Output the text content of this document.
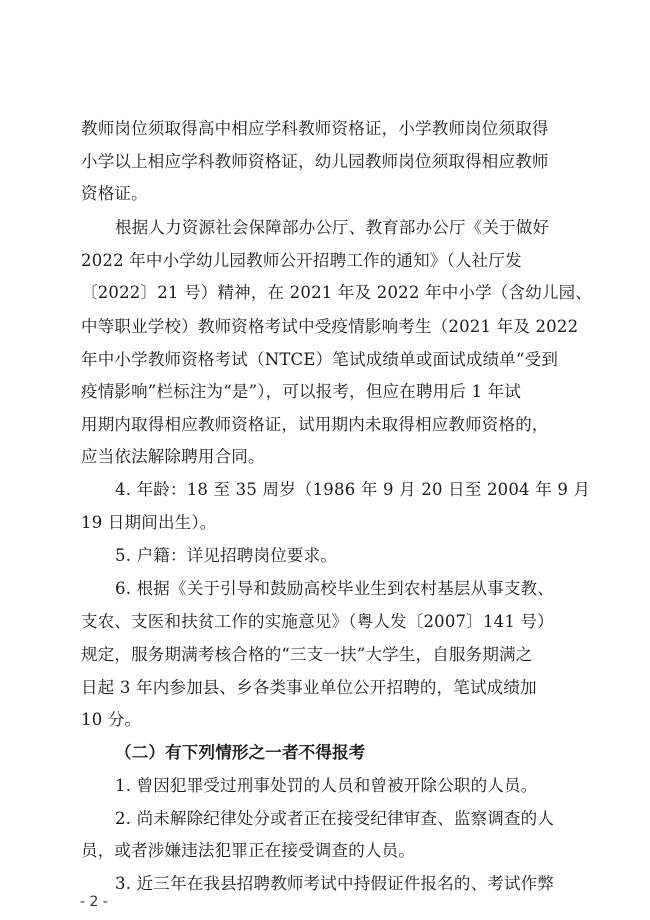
教师岗位须取得高中相应学科教师资格证，小学教师岗位须取得
小学以上相应学科教师资格证，幼儿园教师岗位须取得相应教师
资格证。
根据人力资源社会保障部办公厅、教育部办公厅《关于做好
2022 年中小学幼儿园教师公开招聘工作的通知》（人社厅发
〔2022〕21 号）精神，在 2021 年及 2022 年中小学（含幼儿园、
中等职业学校）教师资格考试中受疫情影响考生（2021 年及 2022
年中小学教师资格考试（NTCE）笔试成绩单或面试成绩单“受到
疫情影响”栏标注为“是”），可以报考，但应在聘用后 1 年试
用期内取得相应教师资格证，试用期内未取得相应教师资格的，
应当依法解除聘用合同。
4. 年龄：18 至 35 周岁（1986 年 9 月 20 日至 2004 年 9 月
19 日期间出生）。
5. 户籍：详见招聘岗位要求。
6. 根据《关于引导和鼓励高校毕业生到农村基层从事支教、
支农、支医和扶贫工作的实施意见》（粤人发〔2007〕141 号）
规定，服务期满考核合格的“三支一扶”大学生，自服务期满之
日起 3 年内参加县、乡各类事业单位公开招聘的，笔试成绩加
10 分。
（二）有下列情形之一者不得报考
1. 曾因犯罪受过刑事处罚的人员和曾被开除公职的人员。
2. 尚未解除纪律处分或者正在接受纪律审查、监察调查的人
员，或者涉嫌违法犯罪正在接受调查的人员。
3. 近三年在我县招聘教师考试中持假证件报名的、考试作弊
- 2 -
